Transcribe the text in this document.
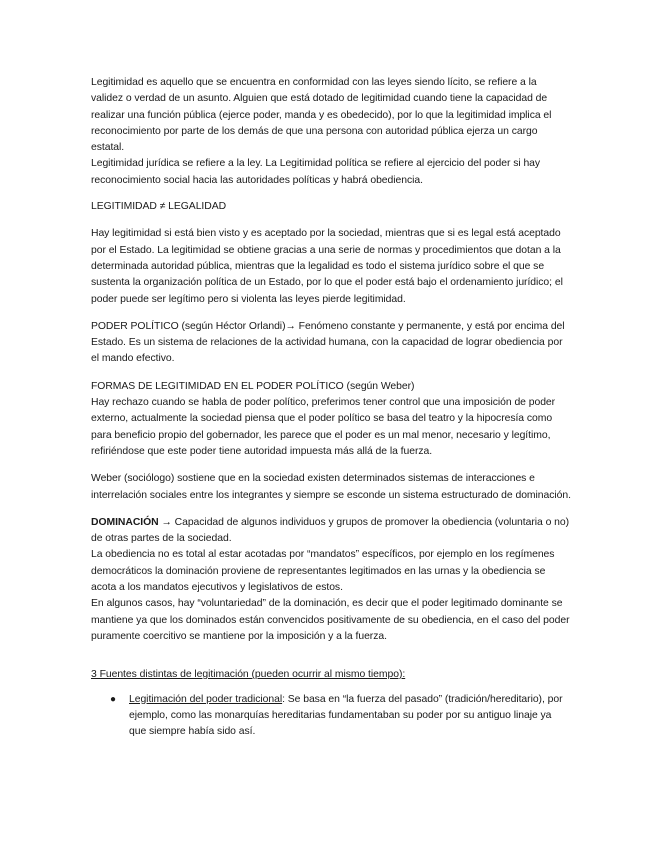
Legitimidad es aquello que se encuentra en conformidad con las leyes siendo lícito, se refiere a la validez o verdad de un asunto. Alguien que está dotado de legitimidad cuando tiene la capacidad de realizar una función pública (ejerce poder, manda y es obedecido), por lo que la legitimidad implica el reconocimiento por parte de los demás de que una persona con autoridad pública ejerza un cargo estatal.

Legitimidad jurídica se refiere a la ley. La Legitimidad política se refiere al ejercicio del poder si hay reconocimiento social hacia las autoridades políticas y habrá obediencia.

LEGITIMIDAD ≠ LEGALIDAD

Hay legitimidad si está bien visto y es aceptado por la sociedad, mientras que si es legal está aceptado por el Estado. La legitimidad se obtiene gracias a una serie de normas y procedimientos que dotan a la determinada autoridad pública, mientras que la legalidad es todo el sistema jurídico sobre el que se sustenta la organización política de un Estado, por lo que el poder está bajo el ordenamiento jurídico; el poder puede ser legítimo pero si violenta las leyes pierde legitimidad.

PODER POLÍTICO (según Héctor Orlandi)→ Fenómeno constante y permanente, y está por encima del Estado. Es un sistema de relaciones de la actividad humana, con la capacidad de lograr obediencia por el mando efectivo.

FORMAS DE LEGITIMIDAD EN EL PODER POLÍTICO (según Weber)

Hay rechazo cuando se habla de poder político, preferimos tener control que una imposición de poder externo, actualmente la sociedad piensa que el poder político se basa del teatro y la hipocresía como para beneficio propio del gobernador, les parece que el poder es un mal menor, necesario y legítimo, refiriéndose que este poder tiene autoridad impuesta más allá de la fuerza.

Weber (sociólogo) sostiene que en la sociedad existen determinados sistemas de interacciones e interrelación sociales entre los integrantes y siempre se esconde un sistema estructurado de dominación.

DOMINACIÓN → Capacidad de algunos individuos y grupos de promover la obediencia (voluntaria o no) de otras partes de la sociedad.

La obediencia no es total al estar acotadas por “mandatos” específicos, por ejemplo en los regímenes democráticos la dominación proviene de representantes legitimados en las urnas y la obediencia se acota a los mandatos ejecutivos y legislativos de estos.

En algunos casos, hay “voluntariedad” de la dominación, es decir que el poder legitimado dominante se mantiene ya que los dominados están convencidos positivamente de su obediencia, en el caso del poder puramente coercitivo se mantiene por la imposición y a la fuerza.

3 Fuentes distintas de legitimación (pueden ocurrir al mismo tiempo):

● Legitimación del poder tradicional: Se basa en “la fuerza del pasado” (tradición/hereditario), por ejemplo, como las monarquías hereditarias fundamentaban su poder por su antiguo linaje ya que siempre había sido así.
